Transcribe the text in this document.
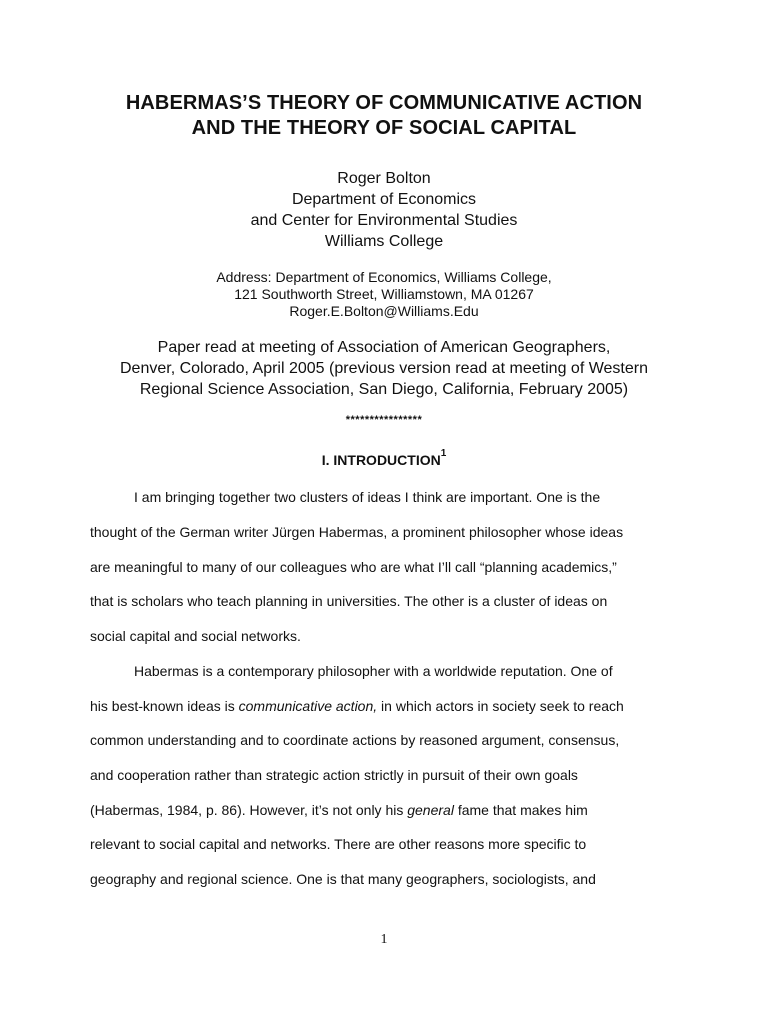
HABERMAS’S THEORY OF COMMUNICATIVE ACTION
AND THE THEORY OF SOCIAL CAPITAL
Roger Bolton
Department of Economics
and Center for Environmental Studies
Williams College
Address: Department of Economics, Williams College,
121 Southworth Street, Williamstown, MA 01267
Roger.E.Bolton@Williams.Edu
Paper read at meeting of Association of American Geographers,
Denver, Colorado, April 2005 (previous version read at meeting of Western
Regional Science Association, San Diego, California, February 2005)
****************
I. INTRODUCTION$^1$
I am bringing together two clusters of ideas I think are important. One is the
thought of the German writer Jürgen Habermas, a prominent philosopher whose ideas
are meaningful to many of our colleagues who are what I’ll call “planning academics,”
that is scholars who teach planning in universities. The other is a cluster of ideas on
social capital and social networks.
Habermas is a contemporary philosopher with a worldwide reputation. One of
his best-known ideas is communicative action, in which actors in society seek to reach
common understanding and to coordinate actions by reasoned argument, consensus,
and cooperation rather than strategic action strictly in pursuit of their own goals
(Habermas, 1984, p. 86). However, it’s not only his general fame that makes him
relevant to social capital and networks. There are other reasons more specific to
geography and regional science. One is that many geographers, sociologists, and
1
